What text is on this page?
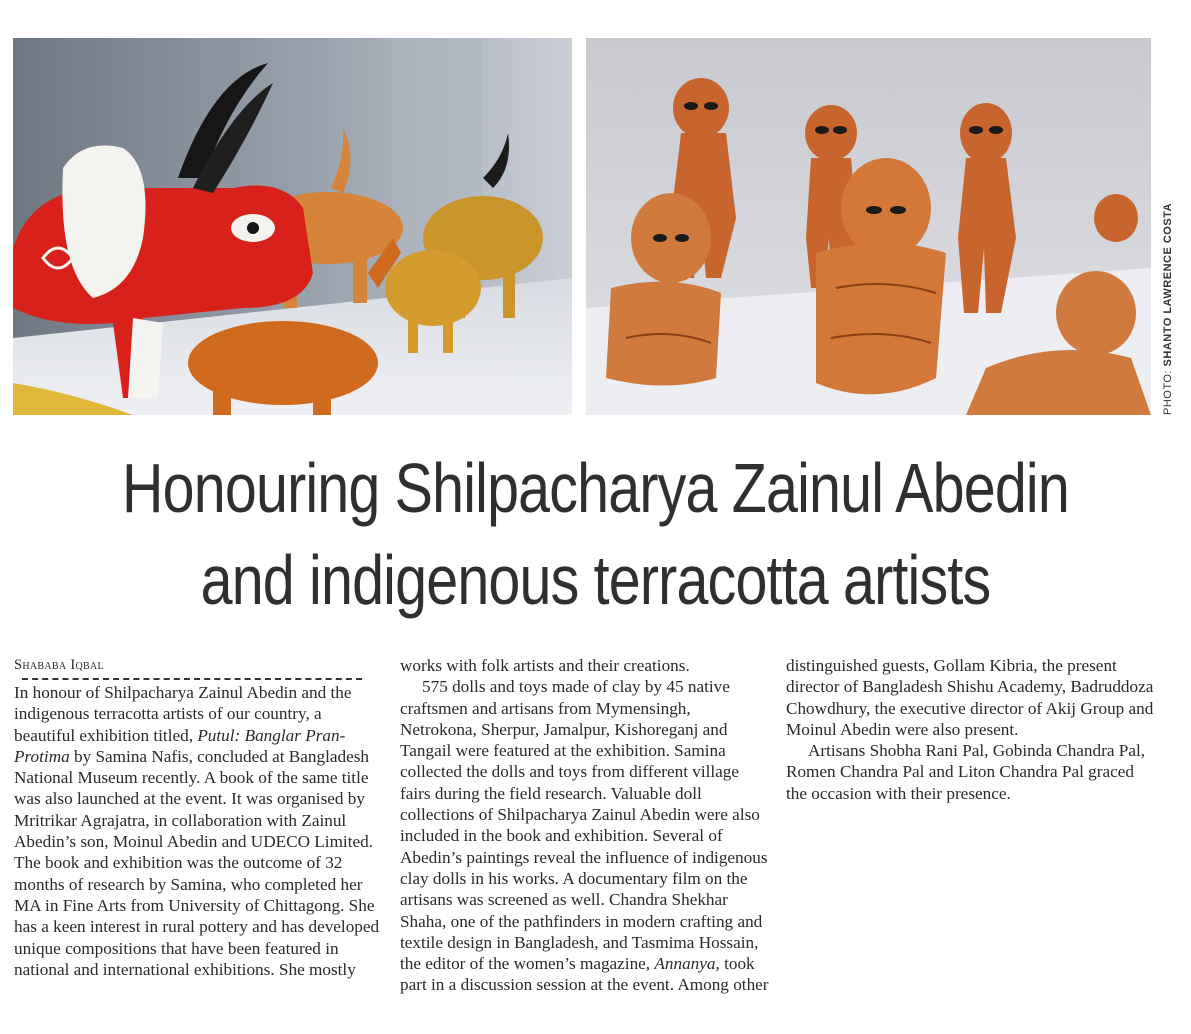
PHOTO: SHANTO LAWRENCE COSTA
Honouring Shilpacharya Zainul Abedin
and indigenous terracotta artists

Shababa Iqbal

In honour of Shilpacharya Zainul Abedin and the indigenous terracotta artists of our country, a beautiful exhibition titled, Putul: Banglar Pran-Protima by Samina Nafis, concluded at Bangladesh National Museum recently. A book of the same title was also launched at the event. It was organised by Mritrikar Agrajatra, in collaboration with Zainul Abedin’s son, Moinul Abedin and UDECO Limited. The book and exhibition was the outcome of 32 months of research by Samina, who completed her MA in Fine Arts from University of Chittagong. She has a keen interest in rural pottery and has developed unique compositions that have been featured in national and international exhibitions. She mostly

works with folk artists and their creations.

575 dolls and toys made of clay by 45 native craftsmen and artisans from Mymensingh, Netrokona, Sherpur, Jamalpur, Kishoreganj and Tangail were featured at the exhibition. Samina collected the dolls and toys from different village fairs during the field research. Valuable doll collections of Shilpacharya Zainul Abedin were also included in the book and exhibition. Several of Abedin’s paintings reveal the influence of indigenous clay dolls in his works. A documentary film on the artisans was screened as well. Chandra Shekhar Shaha, one of the pathfinders in modern crafting and textile design in Bangladesh, and Tasmima Hossain, the editor of the women’s magazine, Annanya, took part in a discussion session at the event. Among other

distinguished guests, Gollam Kibria, the present director of Bangladesh Shishu Academy, Badruddoza Chowdhury, the executive director of Akij Group and Moinul Abedin were also present.

Artisans Shobha Rani Pal, Gobinda Chandra Pal, Romen Chandra Pal and Liton Chandra Pal graced the occasion with their presence.
